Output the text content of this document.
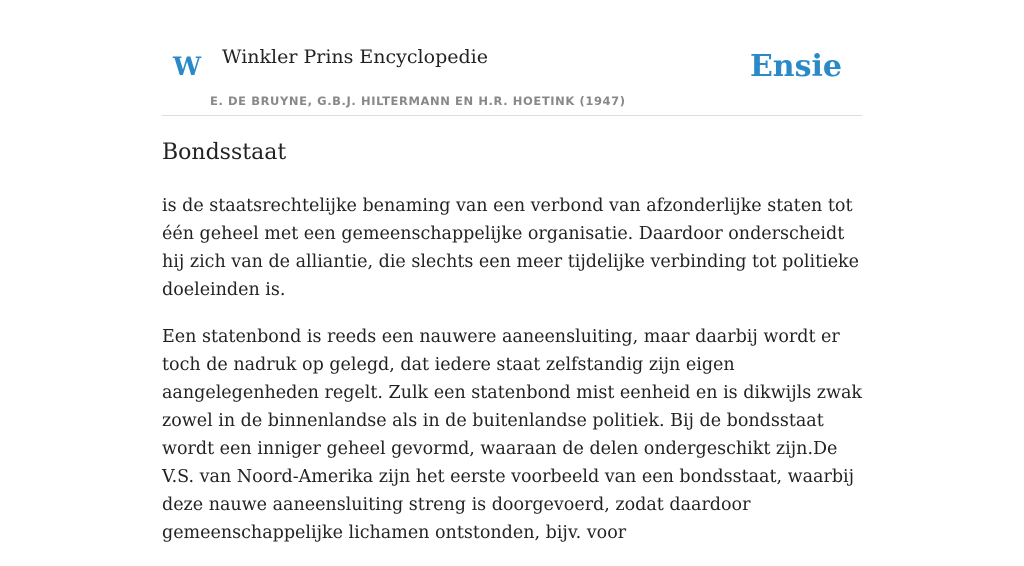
W Winkler Prins Encyclopedie
E. DE BRUYNE, G.B.J. HILTERMANN EN H.R. HOETINK (1947)
Ensie
Bondsstaat

is de staatsrechtelijke benaming van een verbond van afzonderlijke staten tot één geheel met een gemeenschappelijke organisatie. Daardoor onderscheidt hij zich van de alliantie, die slechts een meer tijdelijke verbinding tot politieke doeleinden is.

Een statenbond is reeds een nauwere aaneensluiting, maar daarbij wordt er toch de nadruk op gelegd, dat iedere staat zelfstandig zijn eigen aangelegenheden regelt. Zulk een statenbond mist eenheid en is dikwijls zwak zowel in de binnenlandse als in de buitenlandse politiek. Bij de bondsstaat wordt een inniger geheel gevormd, waaraan de delen ondergeschikt zijn.De V.S. van Noord-Amerika zijn het eerste voorbeeld van een bondsstaat, waarbij deze nauwe aaneensluiting streng is doorgevoerd, zodat daardoor gemeenschappelijke lichamen ontstonden, bijv. voor
